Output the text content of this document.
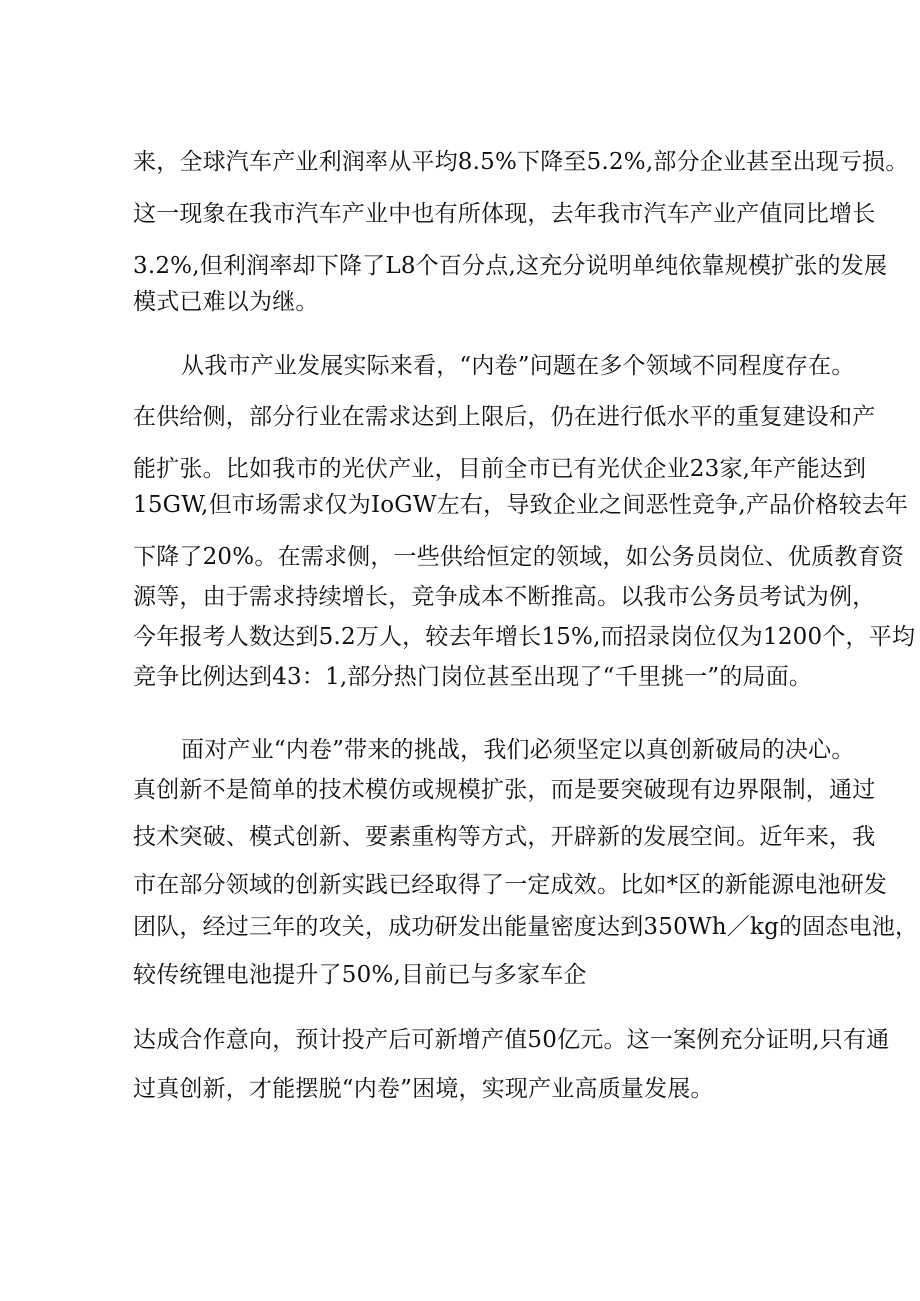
来，全球汽车产业利润率从平均8.5%下降至5.2%,部分企业甚至出现亏损。
这一现象在我市汽车产业中也有所体现，去年我市汽车产业产值同比增长
3.2%,但利润率却下降了L8个百分点,这充分说明单纯依靠规模扩张的发展
模式已难以为继。
从我市产业发展实际来看，“内卷”问题在多个领域不同程度存在。
在供给侧，部分行业在需求达到上限后，仍在进行低水平的重复建设和产
能扩张。比如我市的光伏产业，目前全市已有光伏企业23家,年产能达到
15GW,但市场需求仅为IoGW左右，导致企业之间恶性竞争,产品价格较去年
下降了20%。在需求侧，一些供给恒定的领域，如公务员岗位、优质教育资
源等，由于需求持续增长，竞争成本不断推高。以我市公务员考试为例，
今年报考人数达到5.2万人，较去年增长15%,而招录岗位仅为1200个，平均
竞争比例达到43：1,部分热门岗位甚至出现了“千里挑一”的局面。
面对产业“内卷”带来的挑战，我们必须坚定以真创新破局的决心。
真创新不是简单的技术模仿或规模扩张，而是要突破现有边界限制，通过
技术突破、模式创新、要素重构等方式，开辟新的发展空间。近年来，我
市在部分领域的创新实践已经取得了一定成效。比如*区的新能源电池研发
团队，经过三年的攻关，成功研发出能量密度达到350Wh／kg的固态电池，
较传统锂电池提升了50%,目前已与多家车企
达成合作意向，预计投产后可新增产值50亿元。这一案例充分证明,只有通
过真创新，才能摆脱“内卷”困境，实现产业高质量发展。
